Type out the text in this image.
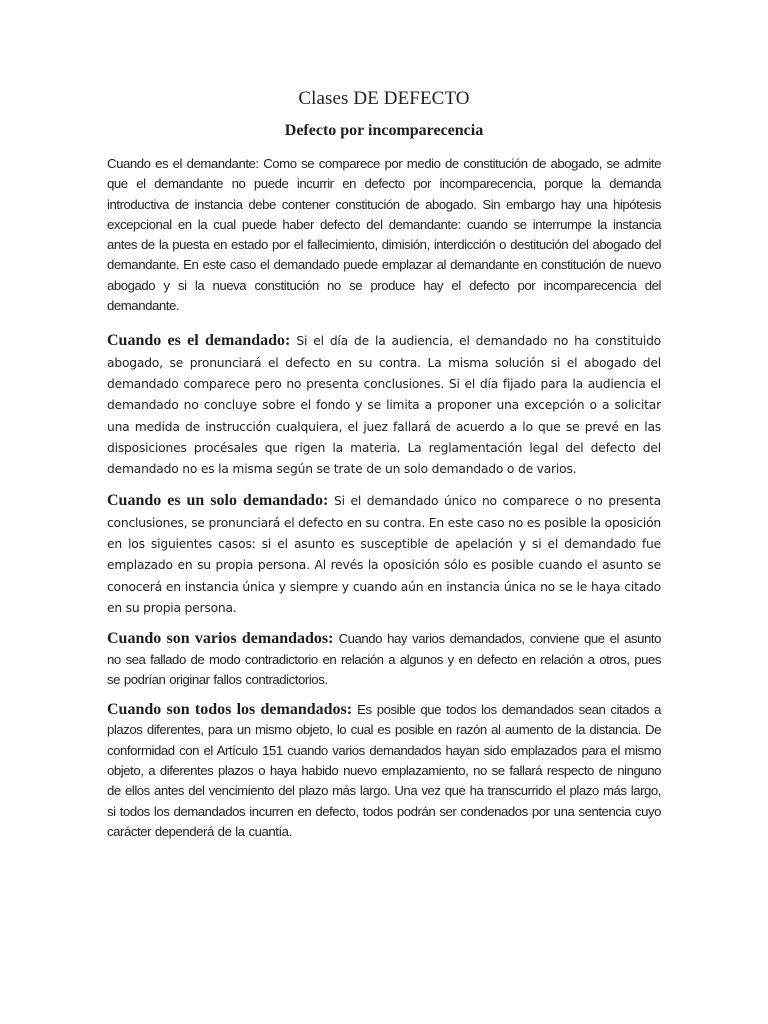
Clases DE DEFECTO
Defecto por incomparecencia

Cuando es el demandante: Como se comparece por medio de constitución de abogado, se admite que el demandante no puede incurrir en defecto por incomparecencia, porque la demanda introductiva de instancia debe contener constitución de abogado. Sin embargo hay una hipótesis excepcional en la cual puede haber defecto del demandante: cuando se interrumpe la instancia antes de la puesta en estado por el fallecimiento, dimisión, interdicción o destitución del abogado del demandante. En este caso el demandado puede emplazar al demandante en constitución de nuevo abogado y si la nueva constitución no se produce hay el defecto por incomparecencia del demandante.

Cuando es el demandado: Si el día de la audiencia, el demandado no ha constituido abogado, se pronunciará el defecto en su contra. La misma solución si el abogado del demandado comparece pero no presenta conclusiones. Si el día fijado para la audiencia el demandado no concluye sobre el fondo y se limita a proponer una excepción o a solicitar una medida de instrucción cualquiera, el juez fallará de acuerdo a lo que se prevé en las disposiciones procésales que rigen la materia. La reglamentación legal del defecto del demandado no es la misma según se trate de un solo demandado o de varios.

Cuando es un solo demandado: Si el demandado único no comparece o no presenta conclusiones, se pronunciará el defecto en su contra. En este caso no es posible la oposición en los siguientes casos: si el asunto es susceptible de apelación y si el demandado fue emplazado en su propia persona. Al revés la oposición sólo es posible cuando el asunto se conocerá en instancia única y siempre y cuando aún en instancia única no se le haya citado en su propia persona.

Cuando son varios demandados: Cuando hay varios demandados, conviene que el asunto no sea fallado de modo contradictorio en relación a algunos y en defecto en relación a otros, pues se podrían originar fallos contradictorios.

Cuando son todos los demandados: Es posible que todos los demandados sean citados a plazos diferentes, para un mismo objeto, lo cual es posible en razón al aumento de la distancia. De conformidad con el Artículo 151 cuando varios demandados hayan sido emplazados para el mismo objeto, a diferentes plazos o haya habido nuevo emplazamiento, no se fallará respecto de ninguno de ellos antes del vencimiento del plazo más largo. Una vez que ha transcurrido el plazo más largo, si todos los demandados incurren en defecto, todos podrán ser condenados por una sentencia cuyo carácter dependerá de la cuantía.
